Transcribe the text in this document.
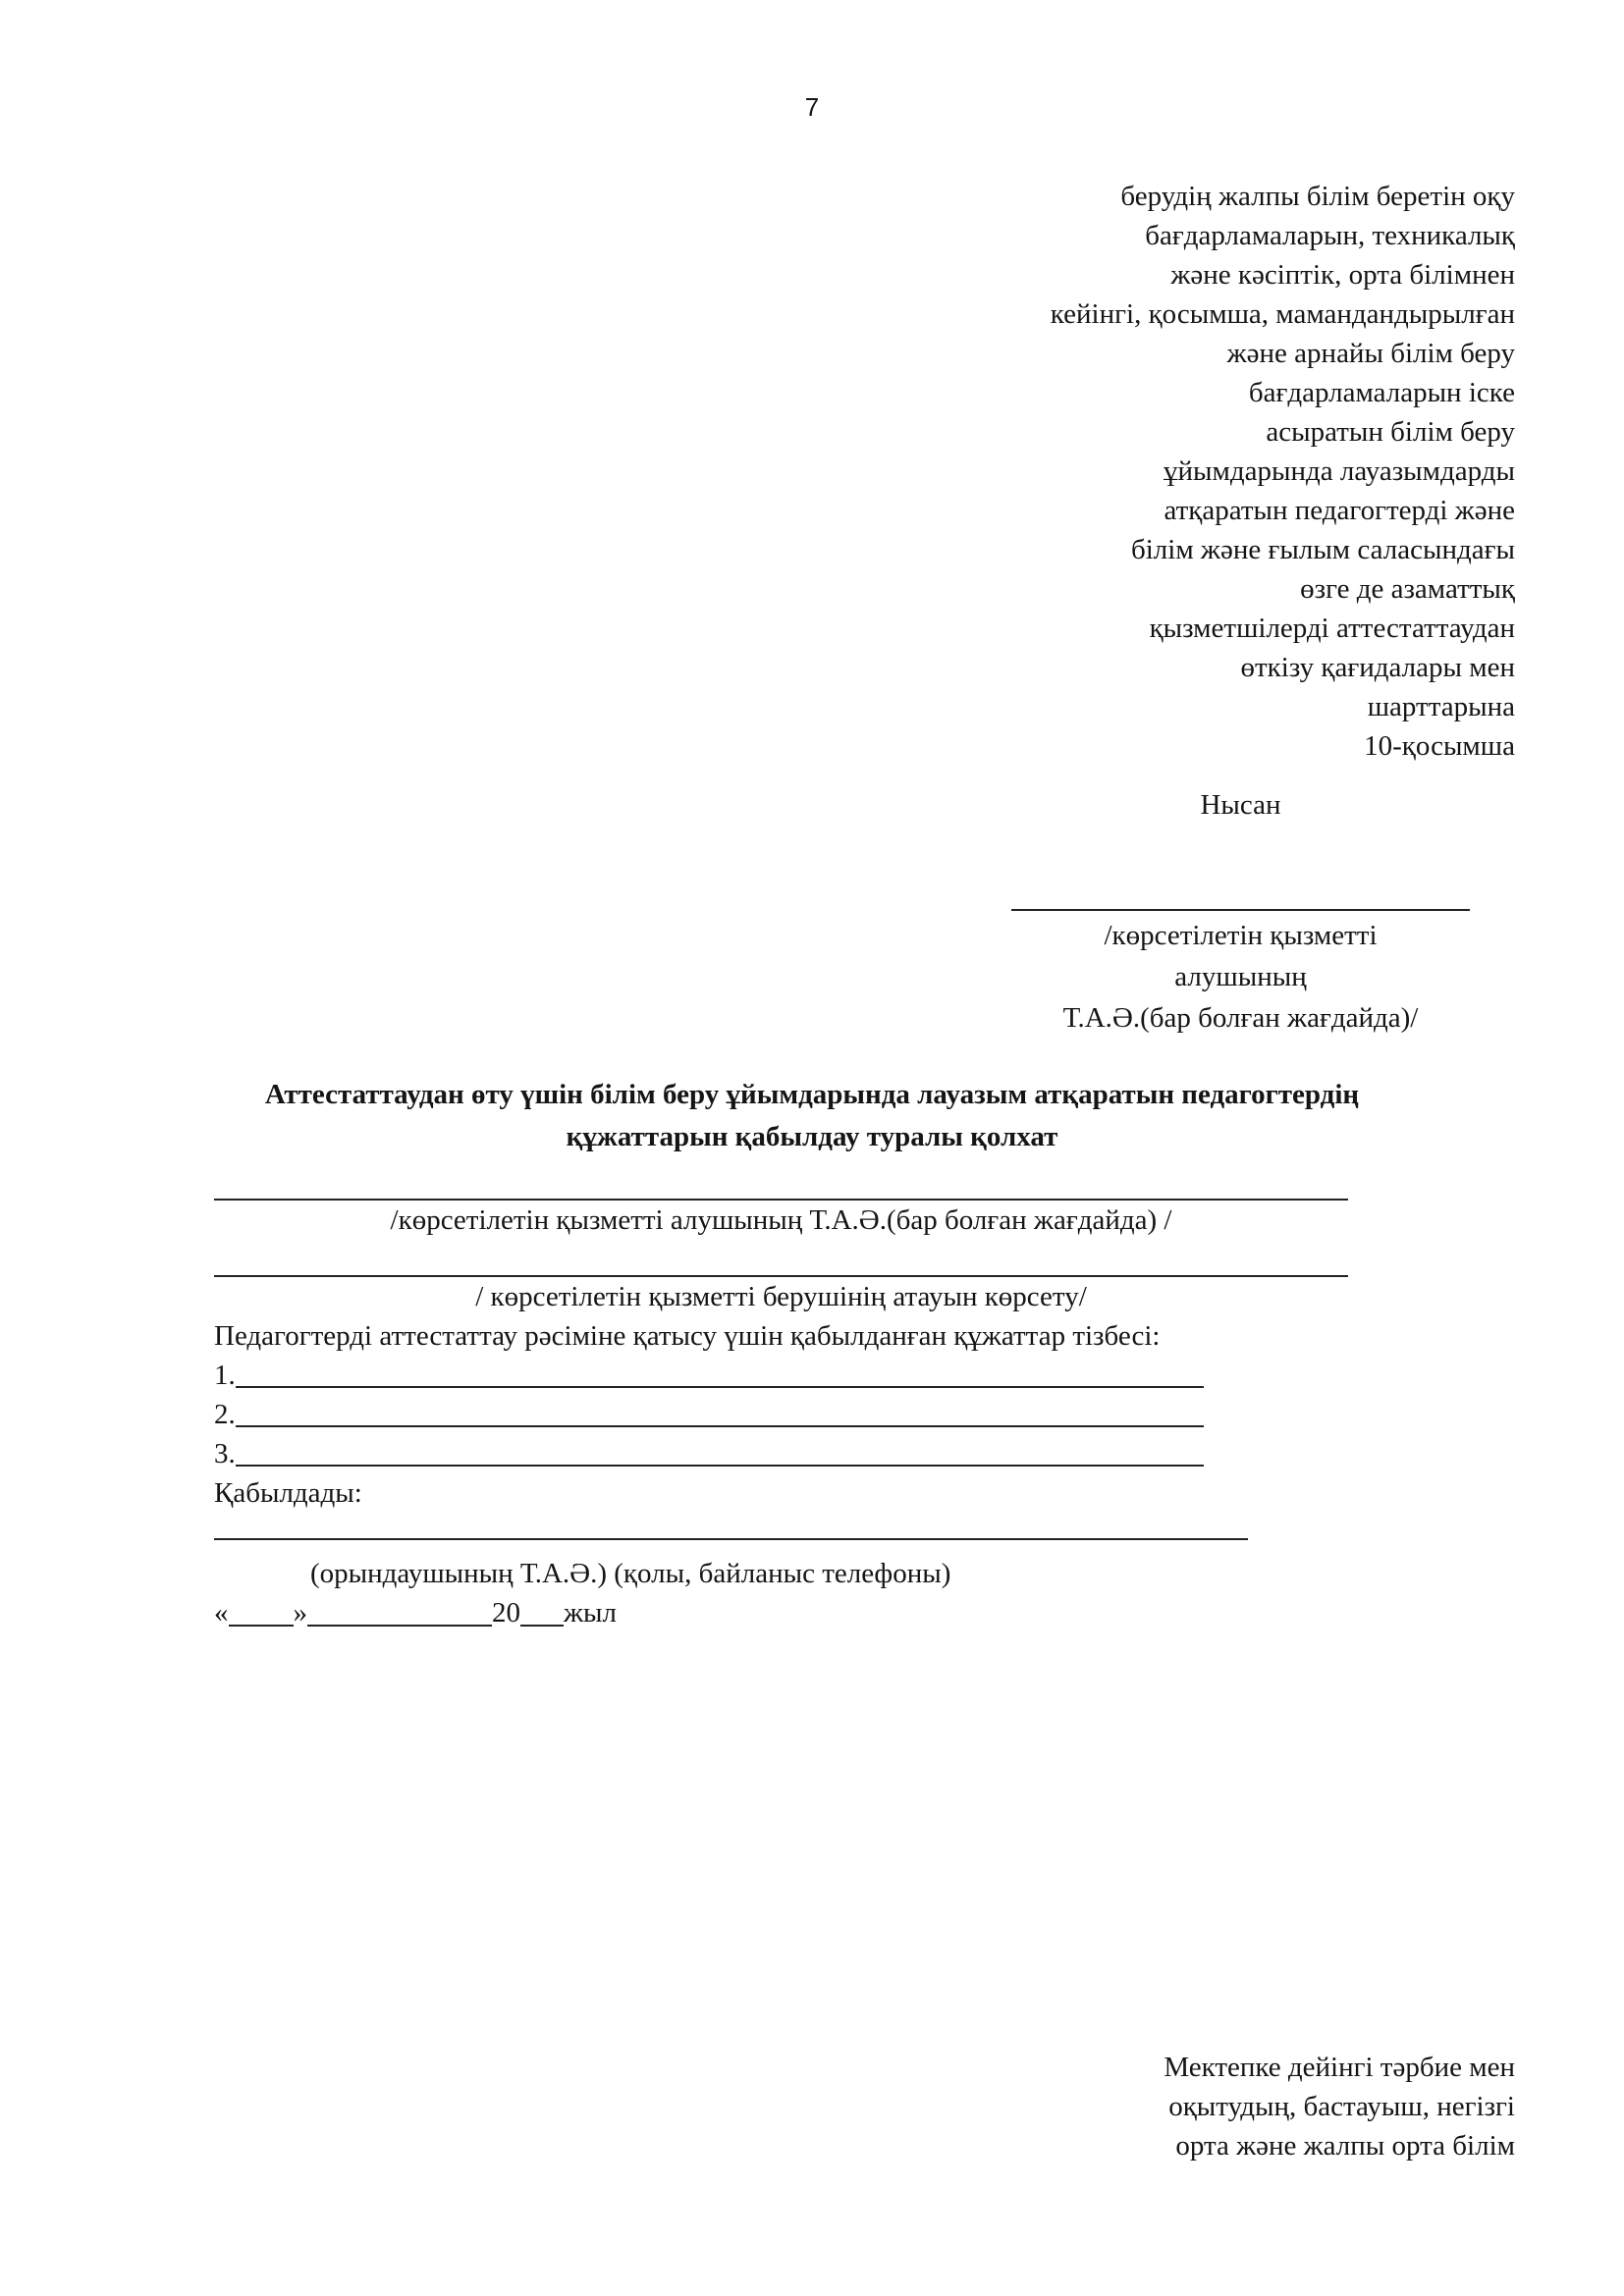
7
берудің жалпы білім беретін оқу
бағдарламаларын, техникалық
және кәсіптік, орта білімнен
кейінгі, қосымша, мамандандырылған
және арнайы білім беру
бағдарламаларын іске
асыратын білім беру
ұйымдарында лауазымдарды
атқаратын педагогтерді және
білім және ғылым саласындағы
өзге де азаматтық
қызметшілерді аттестаттаудан
өткізу қағидалары мен
шарттарына
10-қосымша
Нысан
/көрсетілетін қызметті
алушының
Т.А.Ә.(бар болған жағдайда)/
Аттестаттаудан өту үшін білім беру ұйымдарында лауазым атқаратын педагогтердің
құжаттарын қабылдау туралы қолхат
/көрсетілетін қызметті алушының Т.А.Ә.(бар болған жағдайда) /
/ көрсетілетін қызметті берушінің атауын көрсету/
Педагогтерді аттестаттау рәсіміне қатысу үшін қабылданған құжаттар тізбесі:
1.
2.
3.
Қабылдады:
(орындаушының Т.А.Ә.) (қолы, байланыс телефоны)
« »	20 жыл
Мектепке дейінгі тәрбие мен
оқытудың, бастауыш, негізгі
орта және жалпы орта білім
